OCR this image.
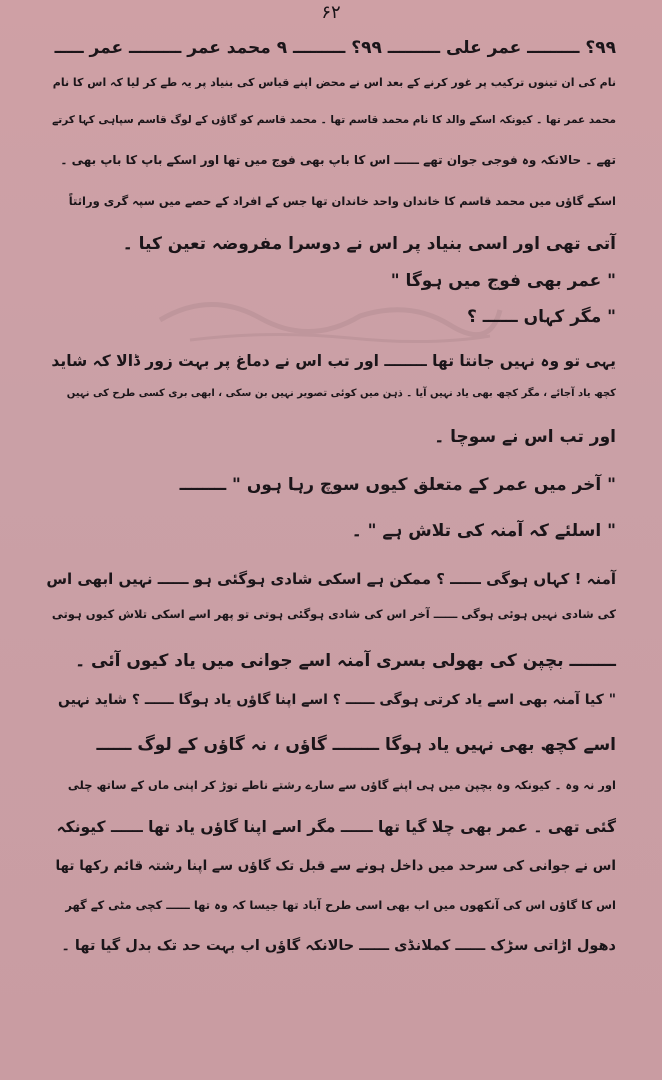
۶۲
۹۹؟ ـــــــــ عمر علی ـــــــــ ۹۹؟ ـــــــــ ۹ محمد عمر ـــــــــ عمر ـــــ
نام کی ان تینوں ترکیب پر غور کرنے کے بعد اس نے محض اپنے قیاس کی بنیاد پر یہ طے کر لیا کہ اس کا نام
محمد عمر تھا ۔ کیونکہ اسکے والد کا نام محمد قاسم تھا ۔ محمد قاسم کو گاؤں کے لوگ قاسم سپاہی کہا کرتے
تھے ۔ حالانکہ وہ فوجی جوان تھے ــــــ اس کا باپ بھی فوج میں تھا اور اسکے باپ کا باپ بھی ۔
اسکے گاؤں میں محمد قاسم کا خاندان واحد خاندان تھا جس کے افراد کے حصے میں سپہ گری وراثتاً
آتی تھی اور اسی بنیاد پر اس نے دوسرا مفروضہ تعین کیا ۔
" عمر بھی فوج میں ہوگا "
" مگر کہاں ــــــ ؟
یہی تو وہ نہیں جانتا تھا ــــــــ اور تب اس نے دماغ پر بہت زور ڈالا کہ شاید
کچھ یاد آجائے ، مگر کچھ بھی یاد نہیں آیا ۔ ذہن میں کوئی تصویر نہیں بن سکی ، ابھی بری کسی طرح کی نہیں
اور تب اس نے سوچا ۔
" آخر میں عمر کے متعلق کیوں سوچ رہا ہوں " ــــــــ
" اسلئے کہ آمنہ کی تلاش ہے " ۔
آمنہ ! کہاں ہوگی ــــــ ؟ ممکن ہے اسکی شادی ہوگئی ہو ــــــ نہیں ابھی اس
کی شادی نہیں ہوئی ہوگی ــــــ آخر اس کی شادی ہوگئی ہوتی تو پھر اسے اسکی تلاش کیوں ہوتی
ــــــــ بچپن کی بھولی بسری آمنہ اسے جوانی میں یاد کیوں آئی ۔
" کیا آمنہ بھی اسے یاد کرتی ہوگی ــــــ ؟ اسے اپنا گاؤں یاد ہوگا ــــــ ؟ شاید نہیں
اسے کچھ بھی نہیں یاد ہوگا ــــــــ گاؤں ، نہ گاؤں کے لوگ ــــــ
اور نہ وہ ۔ کیونکہ وہ بچپن میں ہی اپنے گاؤں سے سارے رشتے ناطے توڑ کر اپنی ماں کے ساتھ چلی
گئی تھی ۔ عمر بھی چلا گیا تھا ــــــ مگر اسے اپنا گاؤں یاد تھا ــــــ کیونکہ
اس نے جوانی کی سرحد میں داخل ہونے سے قبل تک گاؤں سے اپنا رشتہ قائم رکھا تھا
اس کا گاؤں اس کی آنکھوں میں اب بھی اسی طرح آباد تھا جیسا کہ وہ تھا ــــــ کچی مٹی کے گھر
دھول اڑاتی سڑک ــــــ کملانڈی ــــــ حالانکہ گاؤں اب بہت حد تک بدل گیا تھا ۔
